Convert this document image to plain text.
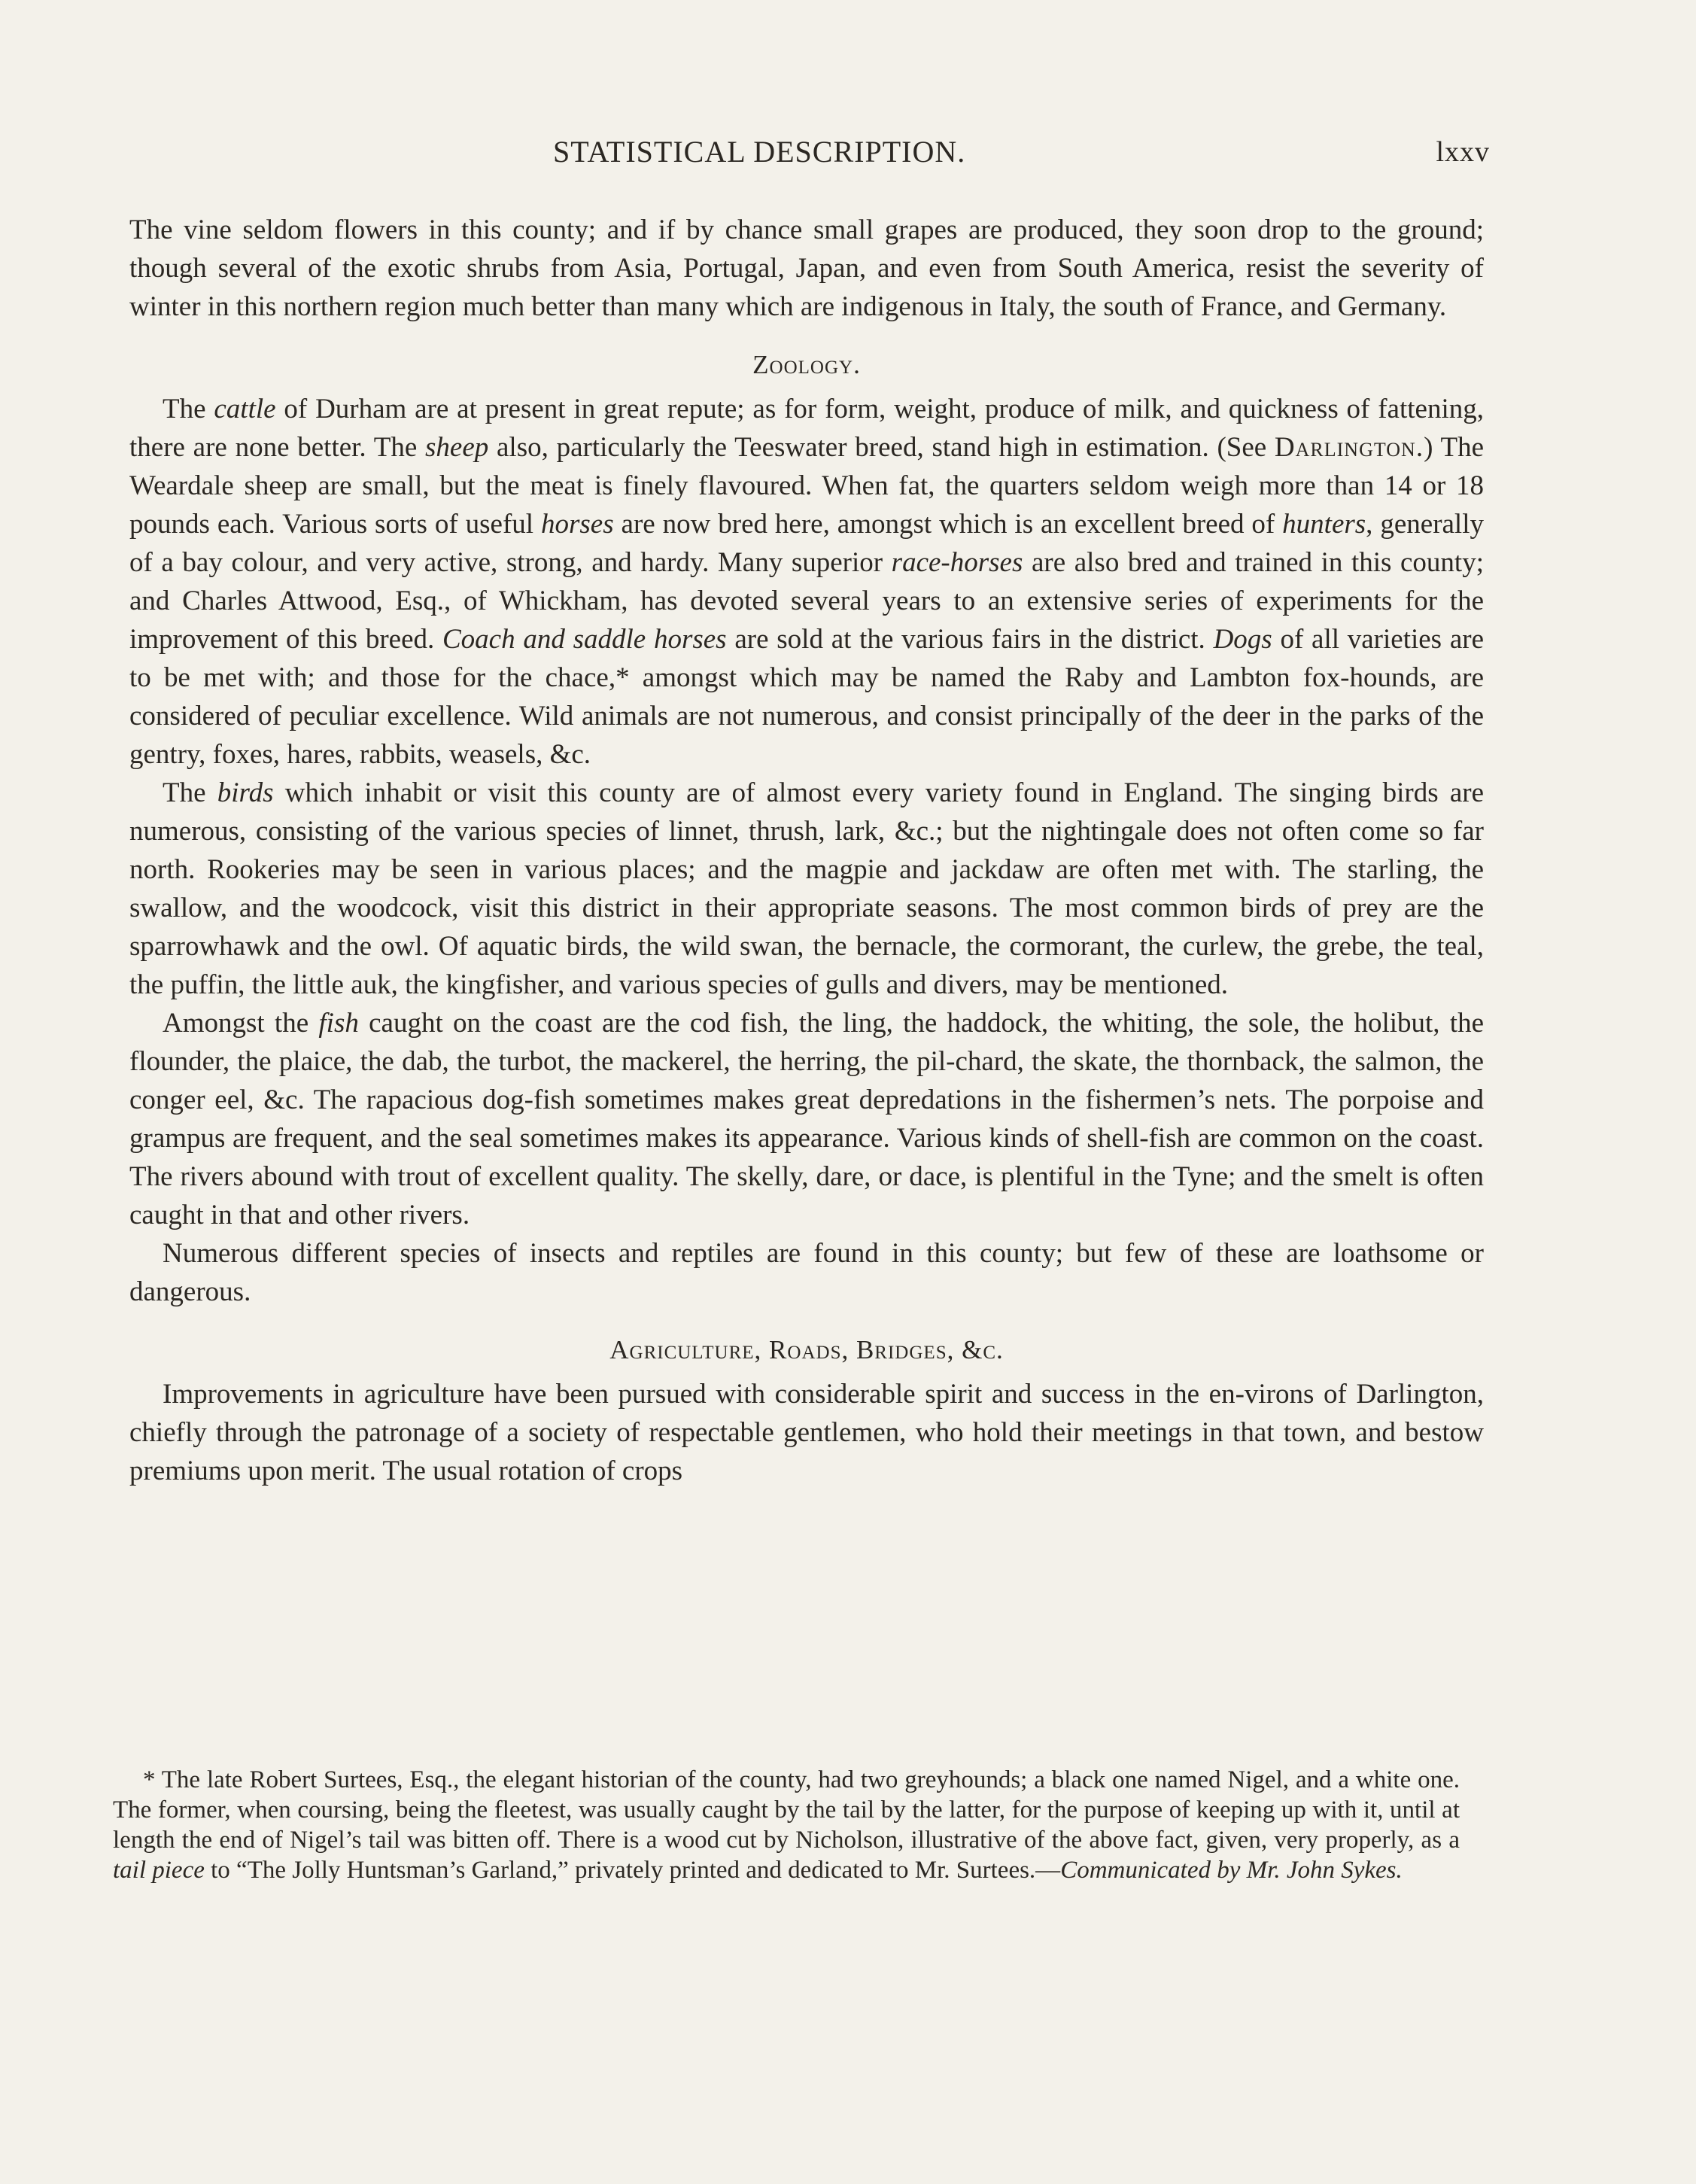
STATISTICAL DESCRIPTION.	lxxv

The vine seldom flowers in this county; and if by chance small grapes are produced, they soon drop to the ground; though several of the exotic shrubs from Asia, Portugal, Japan, and even from South America, resist the severity of winter in this northern region much better than many which are indigenous in Italy, the south of France, and Germany.

Zoology.

The cattle of Durham are at present in great repute; as for form, weight, produce of milk, and quickness of fattening, there are none better. The sheep also, particularly the Teeswater breed, stand high in estimation. (See Darlington.) The Weardale sheep are small, but the meat is finely flavoured. When fat, the quarters seldom weigh more than 14 or 18 pounds each. Various sorts of useful horses are now bred here, amongst which is an excellent breed of hunters, generally of a bay colour, and very active, strong, and hardy. Many superior race-horses are also bred and trained in this county; and Charles Attwood, Esq., of Whickham, has devoted several years to an extensive series of experiments for the improvement of this breed. Coach and saddle horses are sold at the various fairs in the district. Dogs of all varieties are to be met with; and those for the chace,* amongst which may be named the Raby and Lambton fox-hounds, are considered of peculiar excellence. Wild animals are not numerous, and consist principally of the deer in the parks of the gentry, foxes, hares, rabbits, weasels, &c.

The birds which inhabit or visit this county are of almost every variety found in England. The singing birds are numerous, consisting of the various species of linnet, thrush, lark, &c.; but the nightingale does not often come so far north. Rookeries may be seen in various places; and the magpie and jackdaw are often met with. The starling, the swallow, and the woodcock, visit this district in their appropriate seasons. The most common birds of prey are the sparrowhawk and the owl. Of aquatic birds, the wild swan, the bernacle, the cormorant, the curlew, the grebe, the teal, the puffin, the little auk, the kingfisher, and various species of gulls and divers, may be mentioned.

Amongst the fish caught on the coast are the cod fish, the ling, the haddock, the whiting, the sole, the holibut, the flounder, the plaice, the dab, the turbot, the mackerel, the herring, the pil-chard, the skate, the thornback, the salmon, the conger eel, &c. The rapacious dog-fish sometimes makes great depredations in the fishermen’s nets. The porpoise and grampus are frequent, and the seal sometimes makes its appearance. Various kinds of shell-fish are common on the coast. The rivers abound with trout of excellent quality. The skelly, dare, or dace, is plentiful in the Tyne; and the smelt is often caught in that and other rivers.

Numerous different species of insects and reptiles are found in this county; but few of these are loathsome or dangerous.

Agriculture, Roads, Bridges, &c.

Improvements in agriculture have been pursued with considerable spirit and success in the en-virons of Darlington, chiefly through the patronage of a society of respectable gentlemen, who hold their meetings in that town, and bestow premiums upon merit. The usual rotation of crops

* The late Robert Surtees, Esq., the elegant historian of the county, had two greyhounds; a black one named Nigel, and a white one. The former, when coursing, being the fleetest, was usually caught by the tail by the latter, for the purpose of keeping up with it, until at length the end of Nigel’s tail was bitten off. There is a wood cut by Nicholson, illustrative of the above fact, given, very properly, as a tail piece to “The Jolly Huntsman’s Garland,” privately printed and dedicated to Mr. Surtees.—Communicated by Mr. John Sykes.
